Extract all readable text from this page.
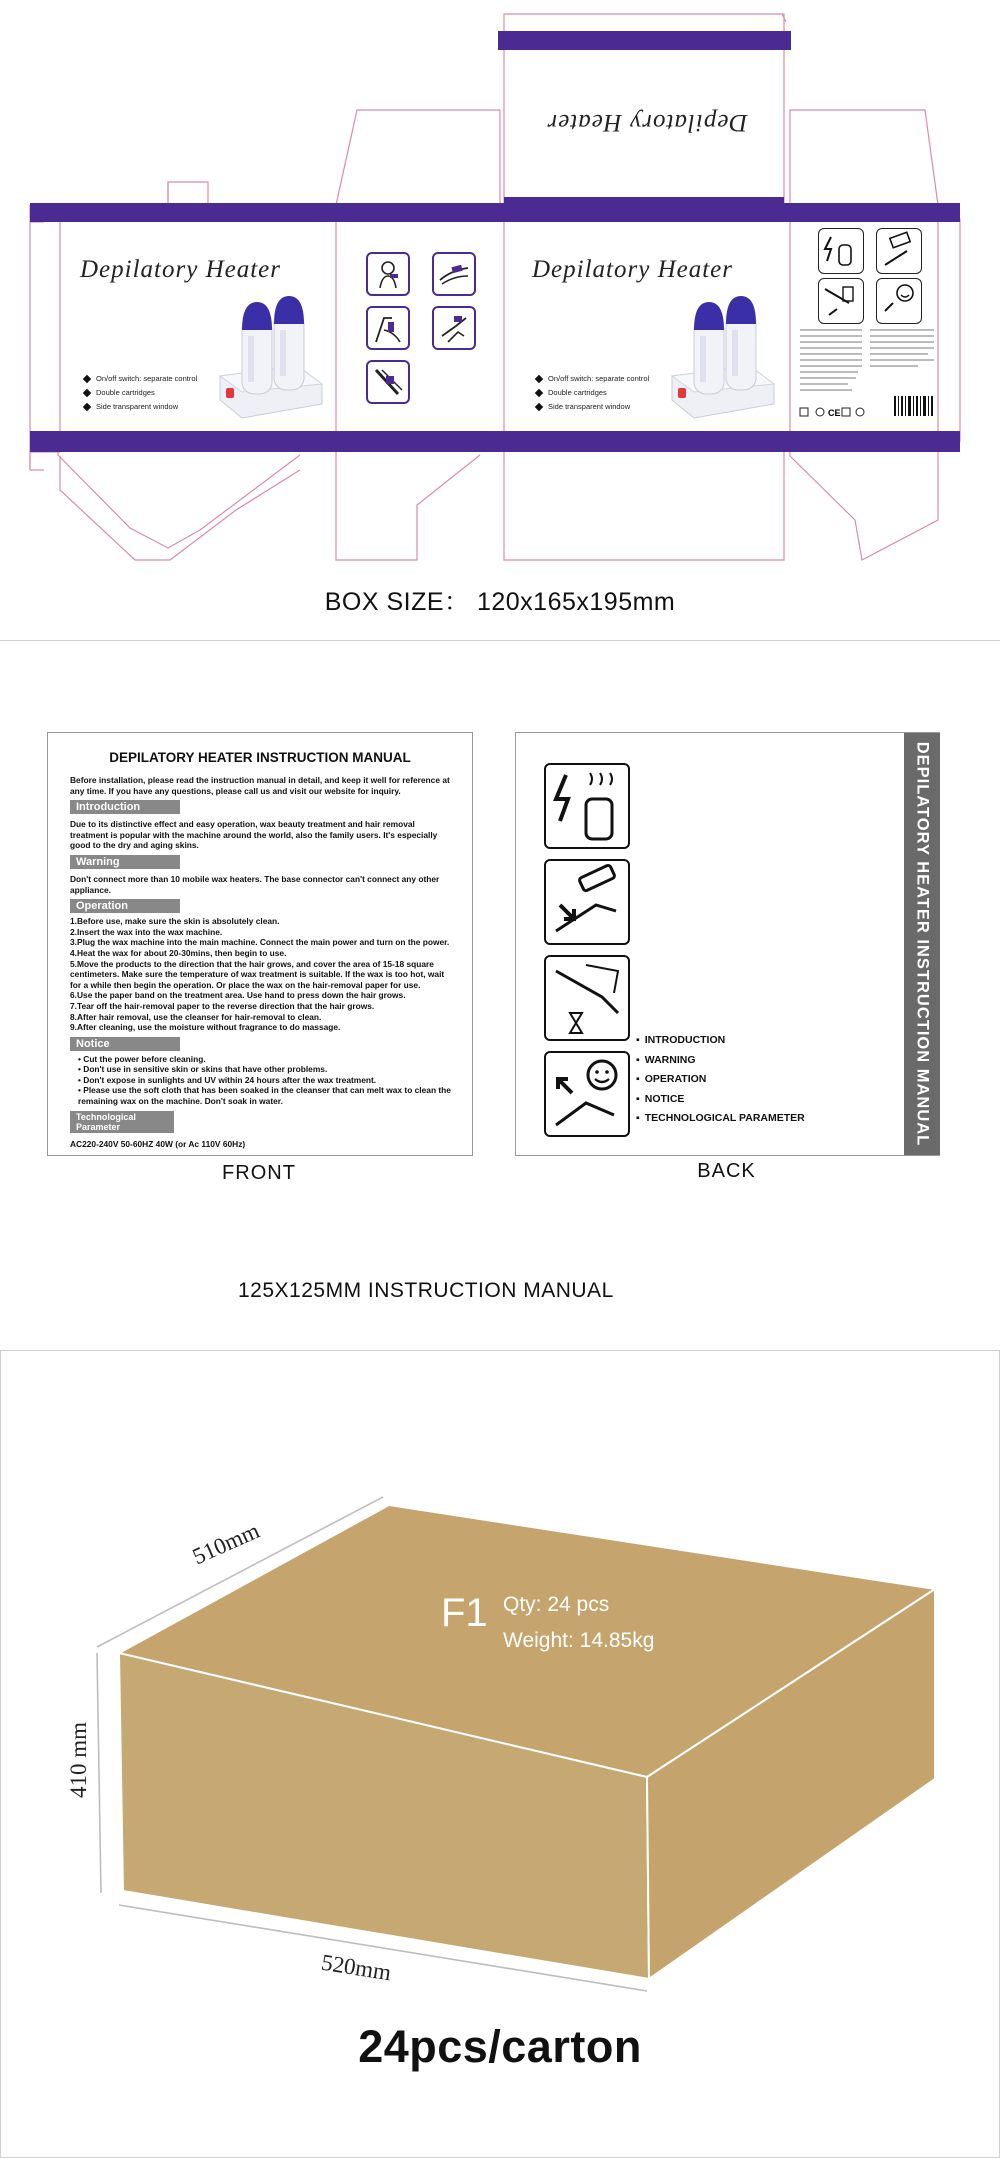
Depilatory Heater
Depilatory Heater
On/off switch: separate control
Double cartridges
Side transparent window
Depilatory Heater
On/off switch: separate control
Double cartridges
Side transparent window
CE
BOX SIZE： 120x165x195mm
DEPILATORY HEATER INSTRUCTION MANUAL
Before installation, please read the instruction manual in detail, and keep it well for reference at any time. If you have any questions, please call us and visit our website for inquiry.
Introduction
Due to its distinctive effect and easy operation, wax beauty treatment and hair removal treatment is popular with the machine around the world, also the family users. It's especially good to the dry and aging skins.
Warning
Don't connect more than 10 mobile wax heaters. The base connector can't connect any other appliance.
Operation
1.Before use, make sure the skin is absolutely clean.
2.Insert the wax into the wax machine.
3.Plug the wax machine into the main machine. Connect the main power and turn on the power.
4.Heat the wax for about 20-30mins, then begin to use.
5.Move the products to the direction that the hair grows, and cover the area of 15-18 square centimeters. Make sure the temperature of wax treatment is suitable. If the wax is too hot, wait for a while then begin the operation. Or place the wax on the hair-removal paper for use.
6.Use the paper band on the treatment area. Use hand to press down the hair grows.
7.Tear off the hair-removal paper to the reverse direction that the hair grows.
8.After hair removal, use the cleanser for hair-removal to clean.
9.After cleaning, use the moisture without fragrance to do massage.
Notice
• Cut the power before cleaning.
• Don't use in sensitive skin or skins that have other problems.
• Don't expose in sunlights and UV within 24 hours after the wax treatment.
• Please use the soft cloth that has been soaked in the cleanser that can melt wax to clean the remaining wax on the machine. Don't soak in water.
Technological Parameter
AC220-240V 50-60HZ 40W (or Ac 110V 60Hz)
▪ INTRODUCTION
▪ WARNING
▪ OPERATION
▪ NOTICE
▪ TECHNOLOGICAL PARAMETER	DEPILATORY HEATER INSTRUCTION MANUAL
FRONT	BACK
125X125MM INSTRUCTION MANUAL
510mm
410 mm
520mm
F1 Qty: 24 pcs
Weight: 14.85kg
24pcs/carton
